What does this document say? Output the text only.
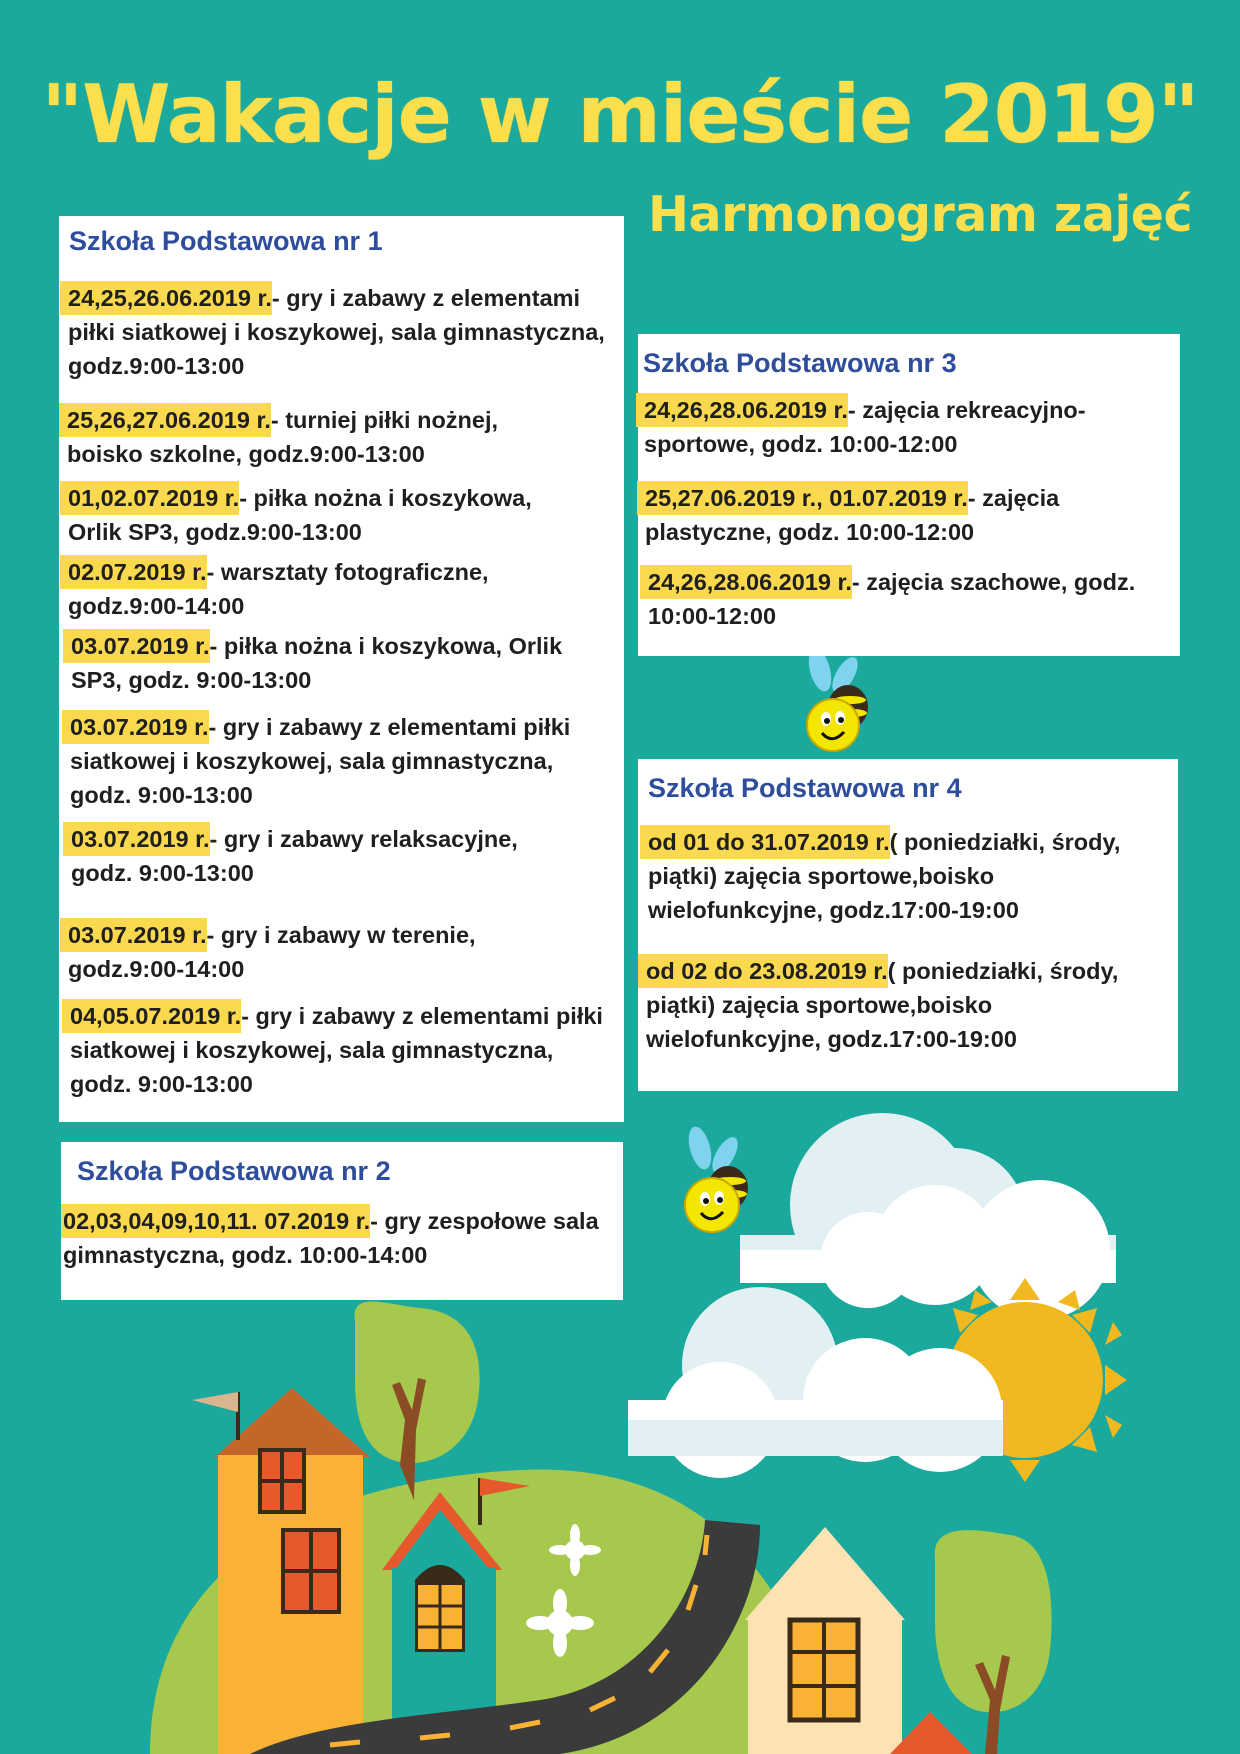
"Wakacje w mieście 2019"
Harmonogram zajęć
Szkoła Podstawowa nr 1
24,25,26.06.2019 r.- gry i zabawy z elementami piłki siatkowej i koszykowej, sala gimnastyczna, godz.9:00-13:00
25,26,27.06.2019 r.- turniej piłki nożnej, boisko szkolne, godz.9:00-13:00
01,02.07.2019 r.- piłka nożna i koszykowa, Orlik SP3, godz.9:00-13:00
02.07.2019 r.- warsztaty fotograficzne, godz.9:00-14:00
03.07.2019 r.- piłka nożna i koszykowa, Orlik SP3, godz. 9:00-13:00
03.07.2019 r.- gry i zabawy z elementami piłki siatkowej i koszykowej, sala gimnastyczna, godz. 9:00-13:00
03.07.2019 r.- gry i zabawy relaksacyjne, godz. 9:00-13:00
03.07.2019 r.- gry i zabawy w terenie, godz.9:00-14:00
04,05.07.2019 r.- gry i zabawy z elementami piłki siatkowej i koszykowej, sala gimnastyczna, godz. 9:00-13:00
Szkoła Podstawowa nr 2
02,03,04,09,10,11. 07.2019 r.- gry zespołowe sala gimnastyczna, godz. 10:00-14:00
Szkoła Podstawowa nr 3
24,26,28.06.2019 r.- zajęcia rekreacyjno-sportowe, godz. 10:00-12:00
25,27.06.2019 r., 01.07.2019 r.- zajęcia plastyczne, godz. 10:00-12:00
24,26,28.06.2019 r.- zajęcia szachowe, godz. 10:00-12:00
Szkoła Podstawowa nr 4
od 01 do 31.07.2019 r.( poniedziałki, środy, piątki) zajęcia sportowe,boisko wielofunkcyjne, godz.17:00-19:00
od 02 do 23.08.2019 r.( poniedziałki, środy, piątki) zajęcia sportowe,boisko wielofunkcyjne, godz.17:00-19:00
